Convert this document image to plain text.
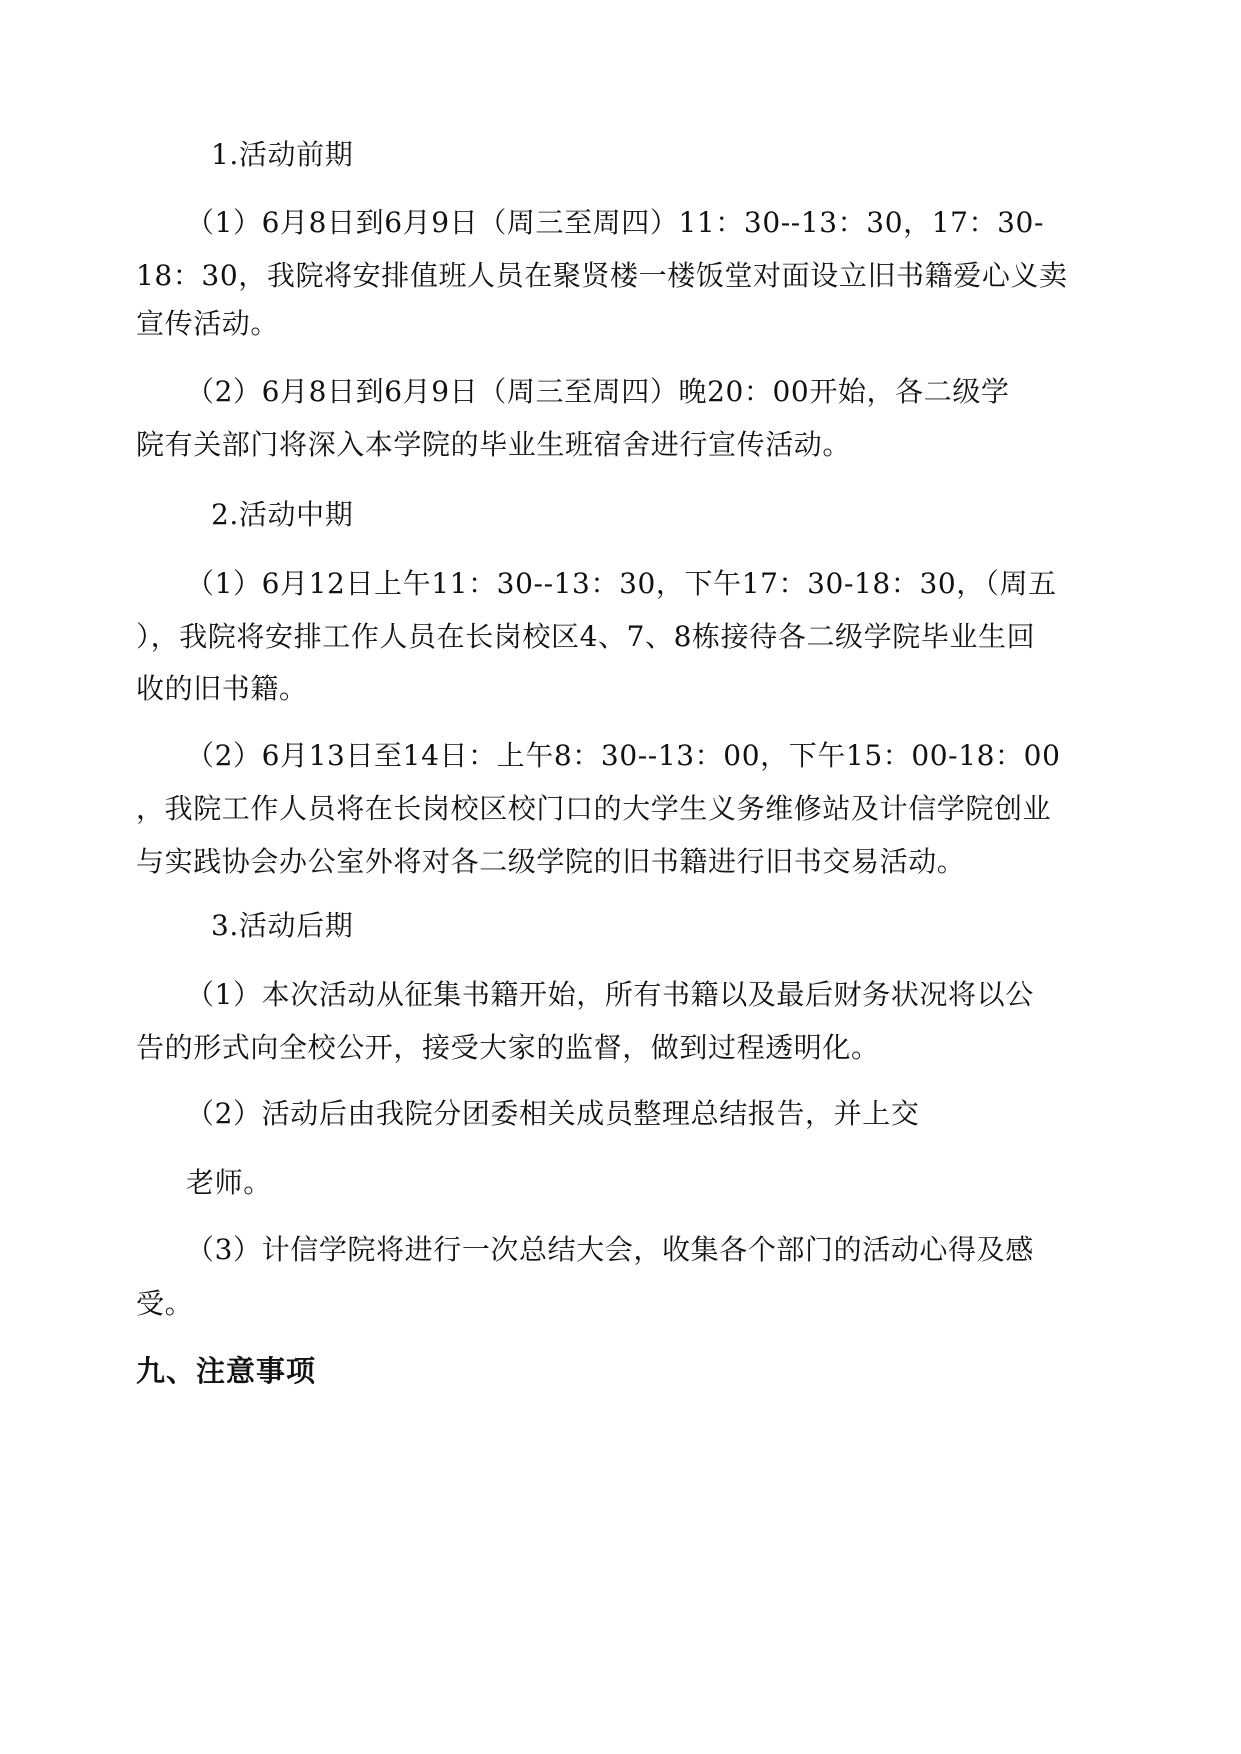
1.活动前期
（1）6月8日到6月9日（周三至周四）11：30--13：30，17：30-
18：30，我院将安排值班人员在聚贤楼一楼饭堂对面设立旧书籍爱心义卖
宣传活动。
（2）6月8日到6月9日（周三至周四）晚20：00开始，各二级学
院有关部门将深入本学院的毕业生班宿舍进行宣传活动。
2.活动中期
（1）6月12日上午11：30--13：30，下午17：30-18：30，（周五
），我院将安排工作人员在长岗校区4、7、8栋接待各二级学院毕业生回
收的旧书籍。
（2）6月13日至14日：上午8：30--13：00，下午15：00-18：00
，我院工作人员将在长岗校区校门口的大学生义务维修站及计信学院创业
与实践协会办公室外将对各二级学院的旧书籍进行旧书交易活动。
3.活动后期
（1）本次活动从征集书籍开始，所有书籍以及最后财务状况将以公
告的形式向全校公开，接受大家的监督，做到过程透明化。
（2）活动后由我院分团委相关成员整理总结报告，并上交
老师。
（3）计信学院将进行一次总结大会，收集各个部门的活动心得及感
受。
九、注意事项
